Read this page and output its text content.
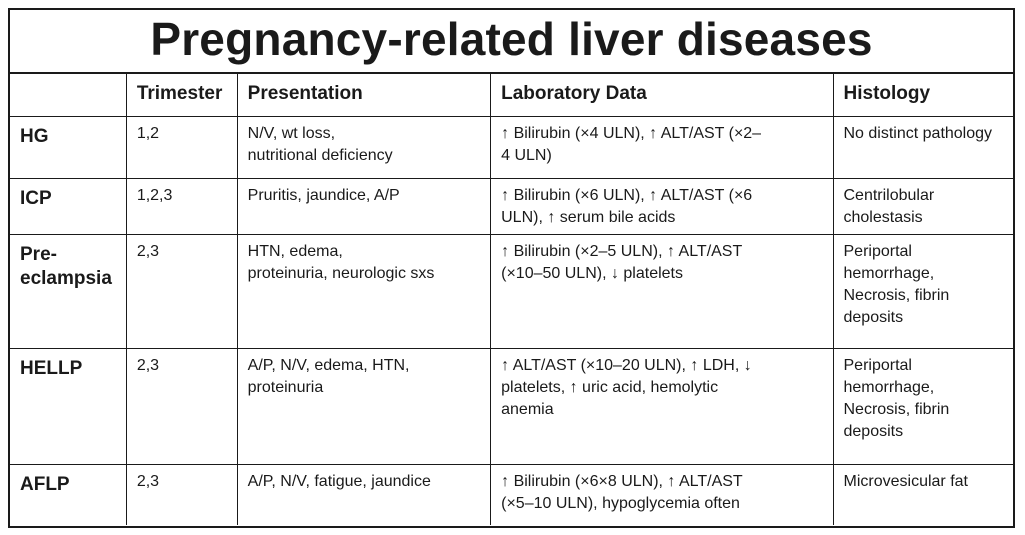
Pregnancy-related liver diseases
	Trimester	Presentation	Laboratory Data	Histology

HG	1,2	N/V, wt loss,
nutritional deficiency	↑ Bilirubin (×4 ULN), ↑ ALT/AST (×2–
4 ULN)	No distinct pathology

ICP	1,2,3	Pruritis, jaundice, A/P	↑ Bilirubin (×6 ULN), ↑ ALT/AST (×6
ULN), ↑ serum bile acids	Centrilobular
cholestasis

Pre-
eclampsia	2,3	HTN, edema,
proteinuria, neurologic sxs	↑ Bilirubin (×2–5 ULN), ↑ ALT/AST
(×10–50 ULN), ↓ platelets	Periportal
hemorrhage,
Necrosis, fibrin
deposits

HELLP	2,3	A/P, N/V, edema, HTN,
proteinuria	↑ ALT/AST (×10–20 ULN), ↑ LDH, ↓
platelets, ↑ uric acid, hemolytic
anemia	Periportal
hemorrhage,
Necrosis, fibrin
deposits

AFLP	2,3	A/P, N/V, fatigue, jaundice	↑ Bilirubin (×6×8 ULN), ↑ ALT/AST
(×5–10 ULN), hypoglycemia often	Microvesicular fat
